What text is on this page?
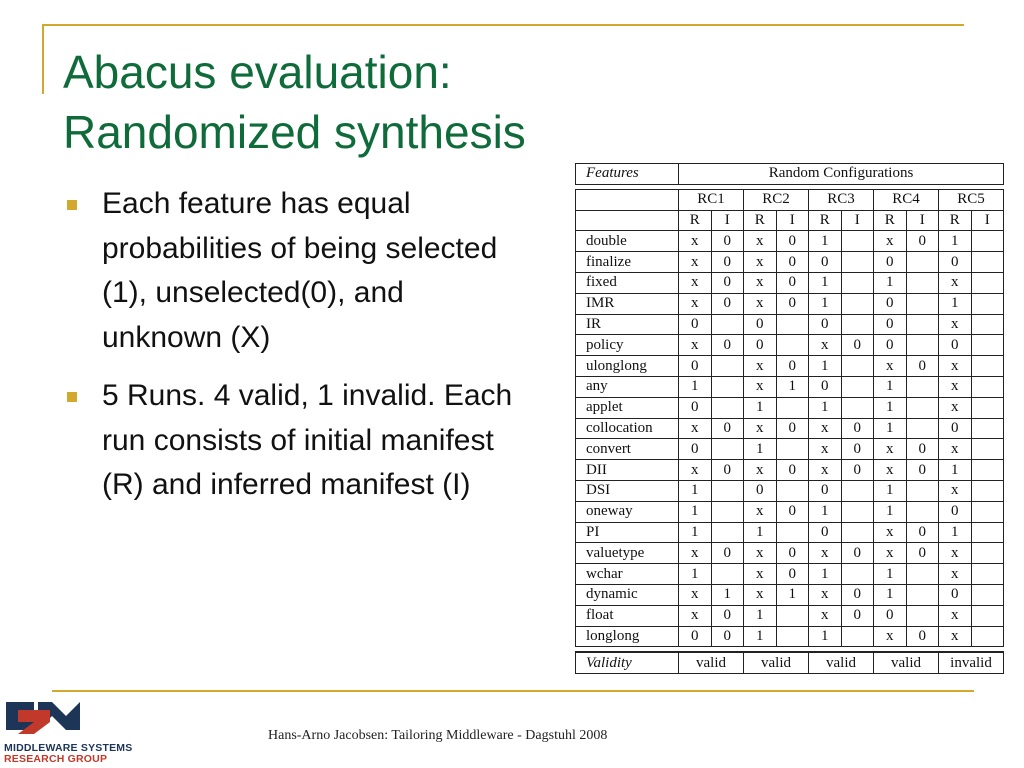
Abacus evaluation:
Randomized synthesis
Each feature has equal probabilities of being selected (1), unselected(0), and unknown (X)
5 Runs. 4 valid, 1 invalid. Each run consists of initial manifest (R) and inferred manifest (I)
Features	Random Configurations									

	RC1		RC2		RC3		RC4		RC5	
	R	I	R	I	R	I	R	I	R	I
double	x	0	x	0	1		x	0	1	
finalize	x	0	x	0	0		0		0	
fixed	x	0	x	0	1		1		x	
IMR	x	0	x	0	1		0		1	
IR	0		0		0		0		x	
policy	x	0	0		x	0	0		0	
ulonglong	0		x	0	1		x	0	x	
any	1		x	1	0		1		x	
applet	0		1		1		1		x	
collocation	x	0	x	0	x	0	1		0	
convert	0		1		x	0	x	0	x	
DII	x	0	x	0	x	0	x	0	1	
DSI	1		0		0		1		x	
oneway	1		x	0	1		1		0	
PI	1		1		0		x	0	1	
valuetype	x	0	x	0	x	0	x	0	x	
wchar	1		x	0	1		1		x	
dynamic	x	1	x	1	x	0	1		0	
float	x	0	1		x	0	0		x	
longlong	0	0	1		1		x	0	x	

Validity	valid		valid		valid		valid		invalid	
MIDDLEWARE SYSTEMS
RESEARCH GROUP
Hans-Arno Jacobsen: Tailoring Middleware - Dagstuhl 2008
